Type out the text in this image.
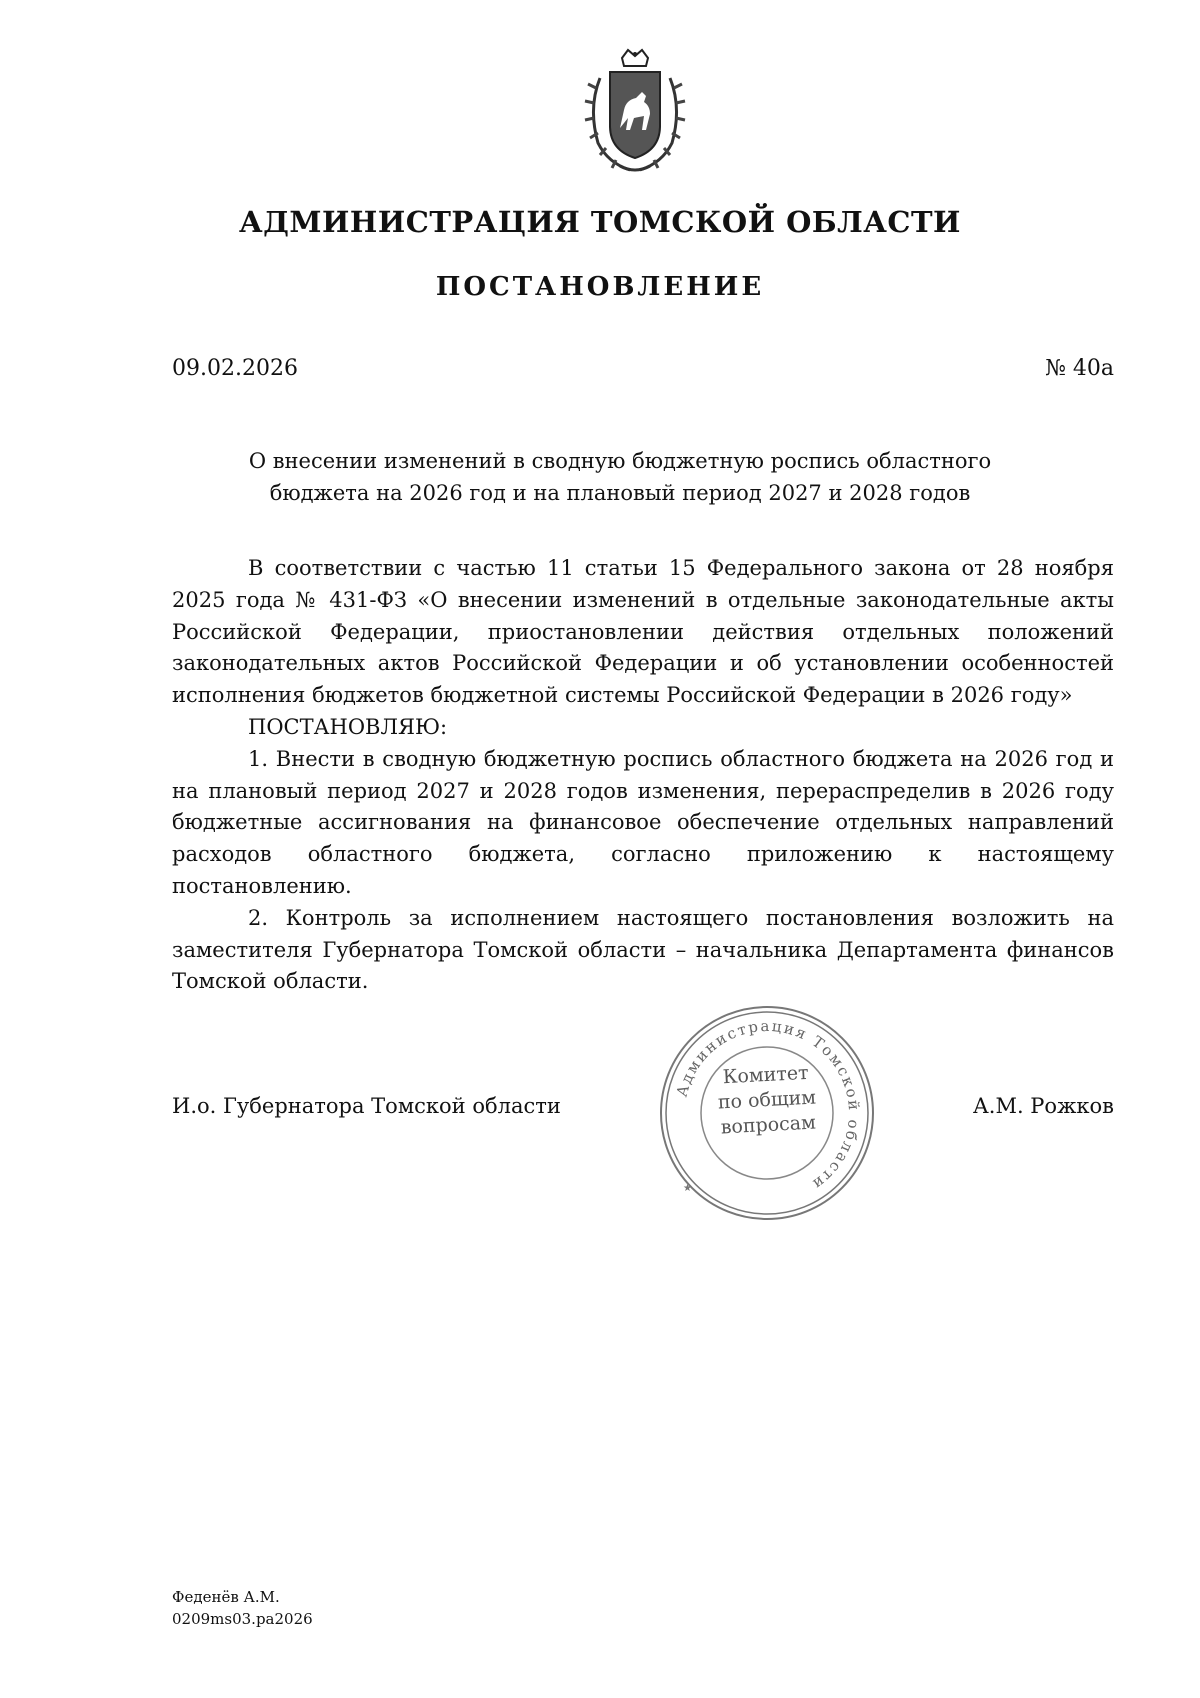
АДМИНИСТРАЦИЯ ТОМСКОЙ ОБЛАСТИ
ПОСТАНОВЛЕНИЕ
09.02.2026	№ 40а
О внесении изменений в сводную бюджетную роспись областного
бюджета на 2026 год и на плановый период 2027 и 2028 годов

В соответствии с частью 11 статьи 15 Федерального закона от 28 ноября 2025 года № 431-ФЗ «О внесении изменений в отдельные законодательные акты Российской Федерации, приостановлении действия отдельных положений законодательных актов Российской Федерации и об установлении особенностей исполнения бюджетов бюджетной системы Российской Федерации в 2026 году»

ПОСТАНОВЛЯЮ:

1. Внести в сводную бюджетную роспись областного бюджета на 2026 год и на плановый период 2027 и 2028 годов изменения, перераспределив в 2026 году бюджетные ассигнования на финансовое обеспечение отдельных направлений расходов областного бюджета, согласно приложению к настоящему постановлению.

2. Контроль за исполнением настоящего постановления возложить на заместителя Губернатора Томской области – начальника Департамента финансов Томской области.

И.о. Губернатора Томской области	А.М. Рожков
Администрация Томской области
★
Комитет
по общим
вопросам
Феденёв А.М.
0209ms03.pa2026
